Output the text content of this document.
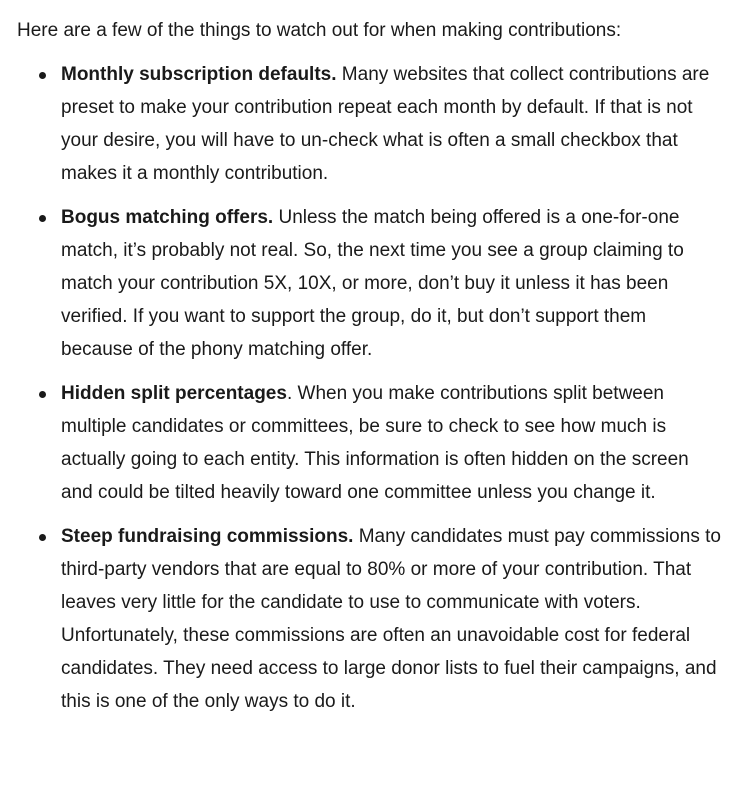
Here are a few of the things to watch out for when making contributions:

Monthly subscription defaults. Many websites that collect contributions are preset to make your contribution repeat each month by default. If that is not your desire, you will have to un-check what is often a small checkbox that makes it a monthly contribution.
Bogus matching offers. Unless the match being offered is a one-for-one match, it’s probably not real. So, the next time you see a group claiming to match your contribution 5X, 10X, or more, don’t buy it unless it has been verified. If you want to support the group, do it, but don’t support them because of the phony matching offer.
Hidden split percentages. When you make contributions split between multiple candidates or committees, be sure to check to see how much is actually going to each entity. This information is often hidden on the screen and could be tilted heavily toward one committee unless you change it.
Steep fundraising commissions. Many candidates must pay commissions to third-party vendors that are equal to 80% or more of your contribution. That leaves very little for the candidate to use to communicate with voters. Unfortunately, these commissions are often an unavoidable cost for federal candidates. They need access to large donor lists to fuel their campaigns, and this is one of the only ways to do it.
